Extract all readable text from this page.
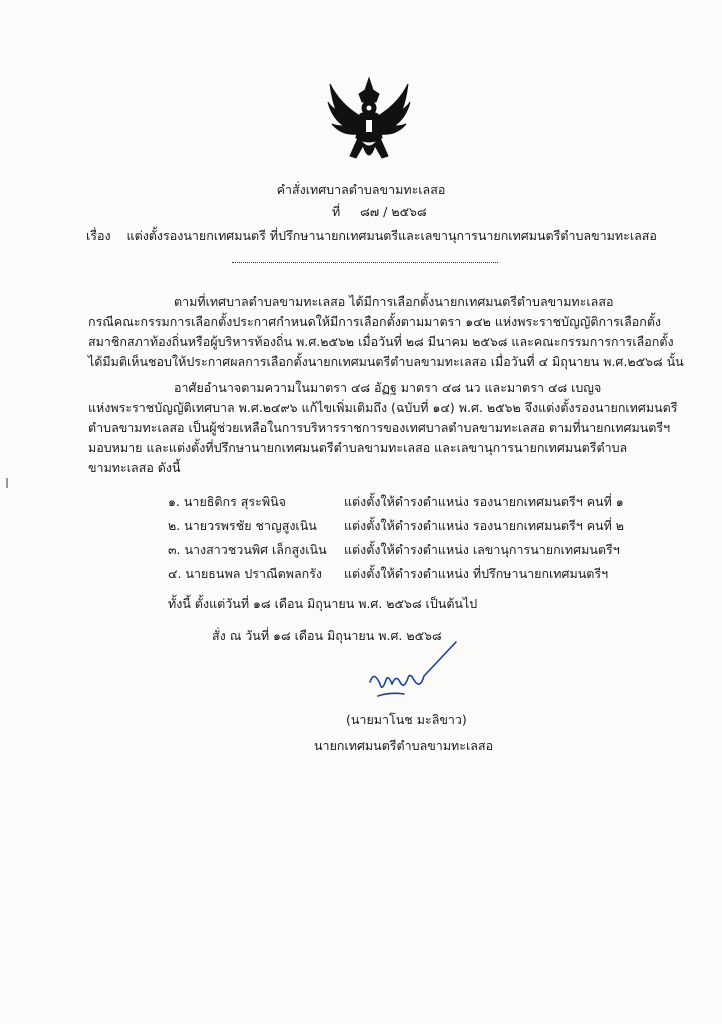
คำสั่งเทศบาลตำบลขามทะเลสอ
ที่ ๘๗ / ๒๕๖๘
เรื่อง แต่งตั้งรองนายกเทศมนตรี ที่ปรึกษานายกเทศมนตรีและเลขานุการนายกเทศมนตรีตำบลขามทะเลสอ
ตามที่เทศบาลตำบลขามทะเลสอ ได้มีการเลือกตั้งนายกเทศมนตรีตำบลขามทะเลสอ
กรณีคณะกรรมการเลือกตั้งประกาศกำหนดให้มีการเลือกตั้งตามมาตรา ๑๔๒ แห่งพระราชบัญญัติการเลือกตั้ง
สมาชิกสภาท้องถิ่นหรือผู้บริหารท้องถิ่น พ.ศ.๒๕๖๒ เมื่อวันที่ ๒๘ มีนาคม ๒๕๖๘ และคณะกรรมการการเลือกตั้ง
ได้มีมติเห็นชอบให้ประกาศผลการเลือกตั้งนายกเทศมนตรีตำบลขามทะเลสอ เมื่อวันที่ ๔ มิถุนายน พ.ศ.๒๕๖๘ นั้น
อาศัยอำนาจตามความในมาตรา ๔๘ อัฏฐ มาตรา ๔๘ นว และมาตรา ๔๘ เบญจ
แห่งพระราชบัญญัติเทศบาล พ.ศ.๒๔๙๖ แก้ไขเพิ่มเติมถึง (ฉบับที่ ๑๔) พ.ศ. ๒๕๖๒ จึงแต่งตั้งรองนายกเทศมนตรี
ตำบลขามทะเลสอ เป็นผู้ช่วยเหลือในการบริหารราชการของเทศบาลตำบลขามทะเลสอ ตามที่นายกเทศมนตรีฯ
มอบหมาย และแต่งตั้งที่ปรึกษานายกเทศมนตรีตำบลขามทะเลสอ และเลขานุการนายกเทศมนตรีตำบล
ขามทะเลสอ ดังนี้
๑. นายธิติกร สุระพินิจ	แต่งตั้งให้ดำรงตำแหน่ง รองนายกเทศมนตรีฯ คนที่ ๑
๒. นายวรพรชัย ชาญสูงเนิน แต่งตั้งให้ดำรงตำแหน่ง รองนายกเทศมนตรีฯ คนที่ ๒
๓. นางสาวชวนพิศ เล็กสูงเนิน แต่งตั้งให้ดำรงตำแหน่ง เลขานุการนายกเทศมนตรีฯ
๔. นายธนพล ปราณีตพลกรัง แต่งตั้งให้ดำรงตำแหน่ง ที่ปรึกษานายกเทศมนตรีฯ
ทั้งนี้ ตั้งแต่วันที่ ๑๘ เดือน มิถุนายน พ.ศ. ๒๕๖๘ เป็นต้นไป
สั่ง ณ วันที่ ๑๘ เดือน มิถุนายน พ.ศ. ๒๕๖๘
(นายมาโนช มะลิขาว)
นายกเทศมนตรีตำบลขามทะเลสอ
